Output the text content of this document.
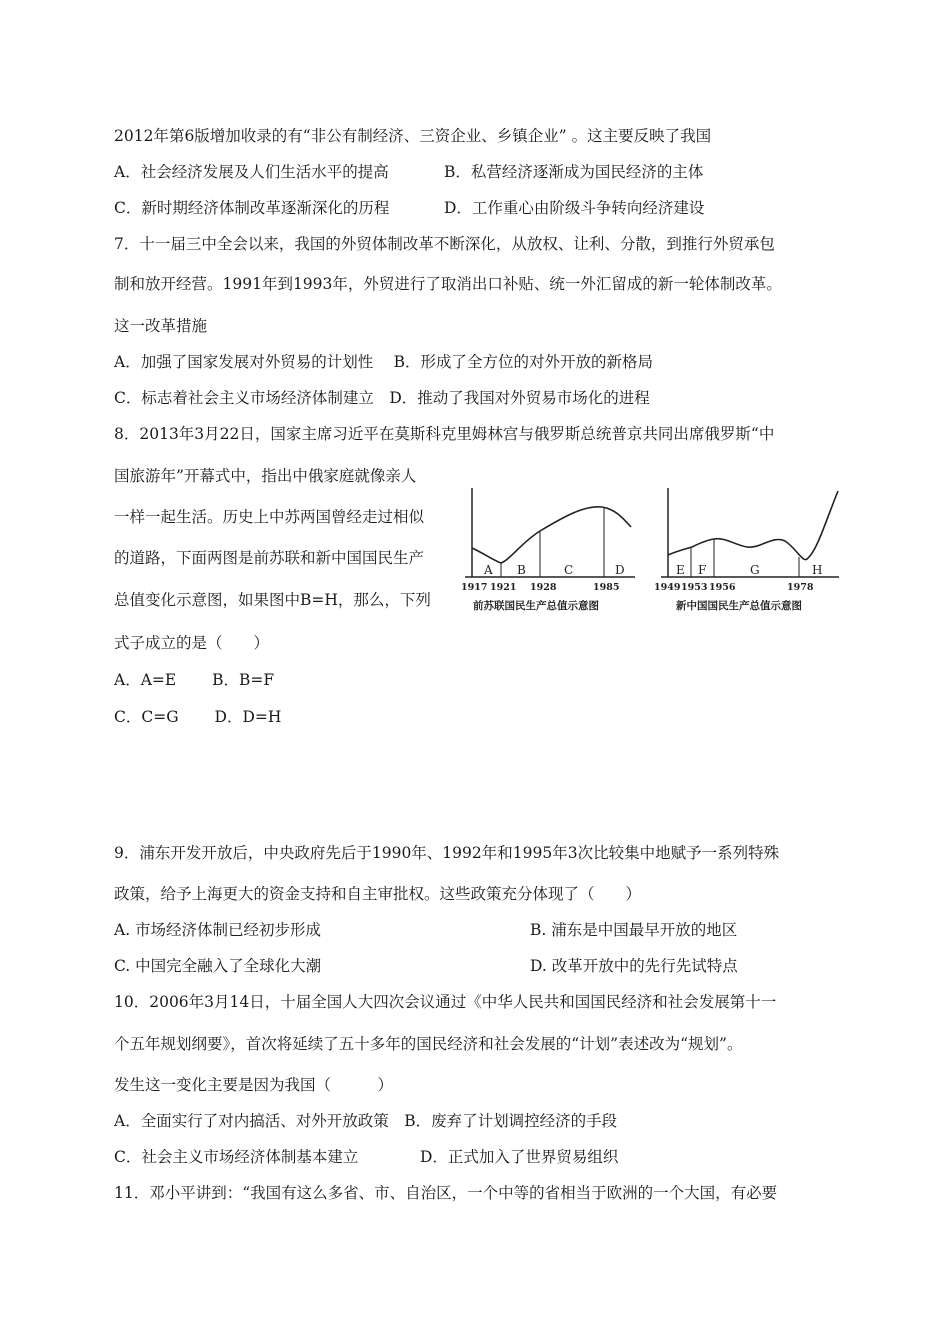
2012年第6版增加收录的有“非公有制经济、三资企业、乡镇企业” 。这主要反映了我国
A．社会经济发展及人们生活水平的提高	B．私营经济逐渐成为国民经济的主体
C．新时期经济体制改革逐渐深化的历程	D．工作重心由阶级斗争转向经济建设
7．十一届三中全会以来，我国的外贸体制改革不断深化，从放权、让利、分散，到推行外贸承包
制和放开经营。1991年到1993年，外贸进行了取消出口补贴、统一外汇留成的新一轮体制改革。
这一改革措施
A．加强了国家发展对外贸易的计划性　 B．形成了全方位的对外开放的新格局
C．标志着社会主义市场经济体制建立　D．推动了我国对外贸易市场化的进程
8．2013年3月22日，国家主席习近平在莫斯科克里姆林宫与俄罗斯总统普京共同出席俄罗斯“中
国旅游年”开幕式中，指出中俄家庭就像亲人
一样一起生活。历史上中苏两国曾经走过相似
的道路，下面两图是前苏联和新中国国民生产
总值变化示意图，如果图中B=H，那么，下列
式子成立的是（　　）
A．A=E　　 B．B=F
C．C=G　　 D．D=H
A B	C	D
1917 1921 1928	1985
前苏联国民生产总值示意图
E F	G	H
1949 1953 1956	1978
新中国国民生产总值示意图
9．浦东开发开放后，中央政府先后于1990年、1992年和1995年3次比较集中地赋予一系列特殊
政策，给予上海更大的资金支持和自主审批权。这些政策充分体现了（　　）
A. 市场经济体制已经初步形成	B. 浦东是中国最早开放的地区
C. 中国完全融入了全球化大潮	D. 改革开放中的先行先试特点
10．2006年3月14日，十届全国人大四次会议通过《中华人民共和国国民经济和社会发展第十一
个五年规划纲要》，首次将延续了五十多年的国民经济和社会发展的“计划”表述改为“规划”。
发生这一变化主要是因为我国（　　　）
A．全面实行了对内搞活、对外开放政策　B．废弃了计划调控经济的手段
C．社会主义市场经济体制基本建立	D．正式加入了世界贸易组织
11．邓小平讲到：“我国有这么多省、市、自治区，一个中等的省相当于欧洲的一个大国，有必要
